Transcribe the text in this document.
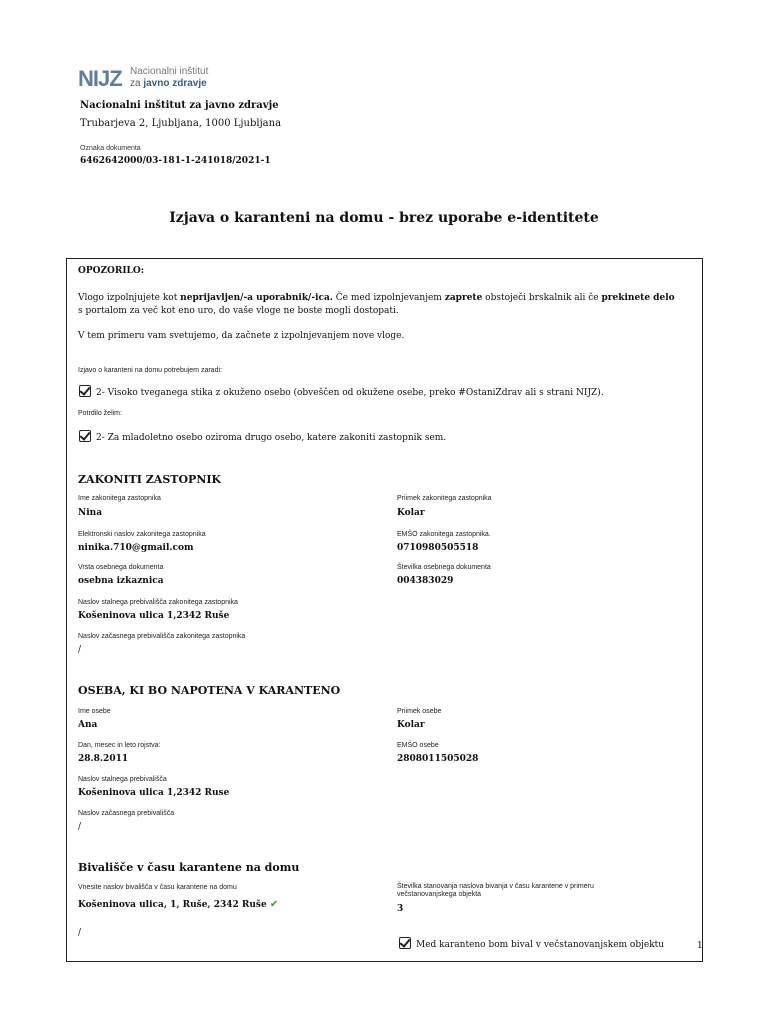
NIJZ Nacionalni inštitut
za javno zdravje
Nacionalni inštitut za javno zdravje
Trubarjeva 2, Ljubljana, 1000 Ljubljana
Oznaka dokumenta
6462642000/03-181-1-241018/2021-1
Izjava o karanteni na domu - brez uporabe e-identitete
OPOZORILO:
Vlogo izpolnjujete kot neprijavljen/-a uporabnik/-ica. Če med izpolnjevanjem zaprete obstoječi brskalnik ali če prekinete delo s portalom za več kot eno uro, do vaše vloge ne boste mogli dostopati.
V tem primeru vam svetujemo, da začnete z izpolnjevanjem nove vloge.
Izjavo o karanteni na domu potrebujem zaradi:
2- Visoko tveganega stika z okuženo osebo (obveščen od okužene osebe, preko #OstaniZdrav ali s strani NIJZ).
Potrdilo želim:
2- Za mladoletno osebo oziroma drugo osebo, katere zakoniti zastopnik sem.
ZAKONITI ZASTOPNIK
Ime zakonitega zastopnika
Nina
Priimek zakonitega zastopnika
Kolar
Elektronski naslov zakonitega zastopnika
ninika.710@gmail.com
EMŠO zakonitega zastopnika.
0710980505518
Vrsta osebnega dokumenta
osebna izkaznica
Številka osebnega dokumenta
004383029
Naslov stalnega prebivališča zakonitega zastopnika
Košeninova ulica 1,2342 Ruše
Naslov začasnega prebivališča zakonitega zastopnika
/
OSEBA, KI BO NAPOTENA V KARANTENO
Ime osebe
Ana
Priimek osebe
Kolar
Dan, mesec in leto rojstva:
28.8.2011
EMŠO osebe
2808011505028
Naslov stalnega prebivališča
Košeninova ulica 1,2342 Ruse
Naslov začasnega prebivališča
/
Bivališče v času karantene na domu
Vnesite naslov bivališča v času karantene na domu
Košeninova ulica, 1, Ruše, 2342 Ruše ✔
Številka stanovanja naslova bivanja v času karantene v primeru večstanovanjskega objekta
3
/
Med karanteno bom bival v večstanovanjskem objektu	1
